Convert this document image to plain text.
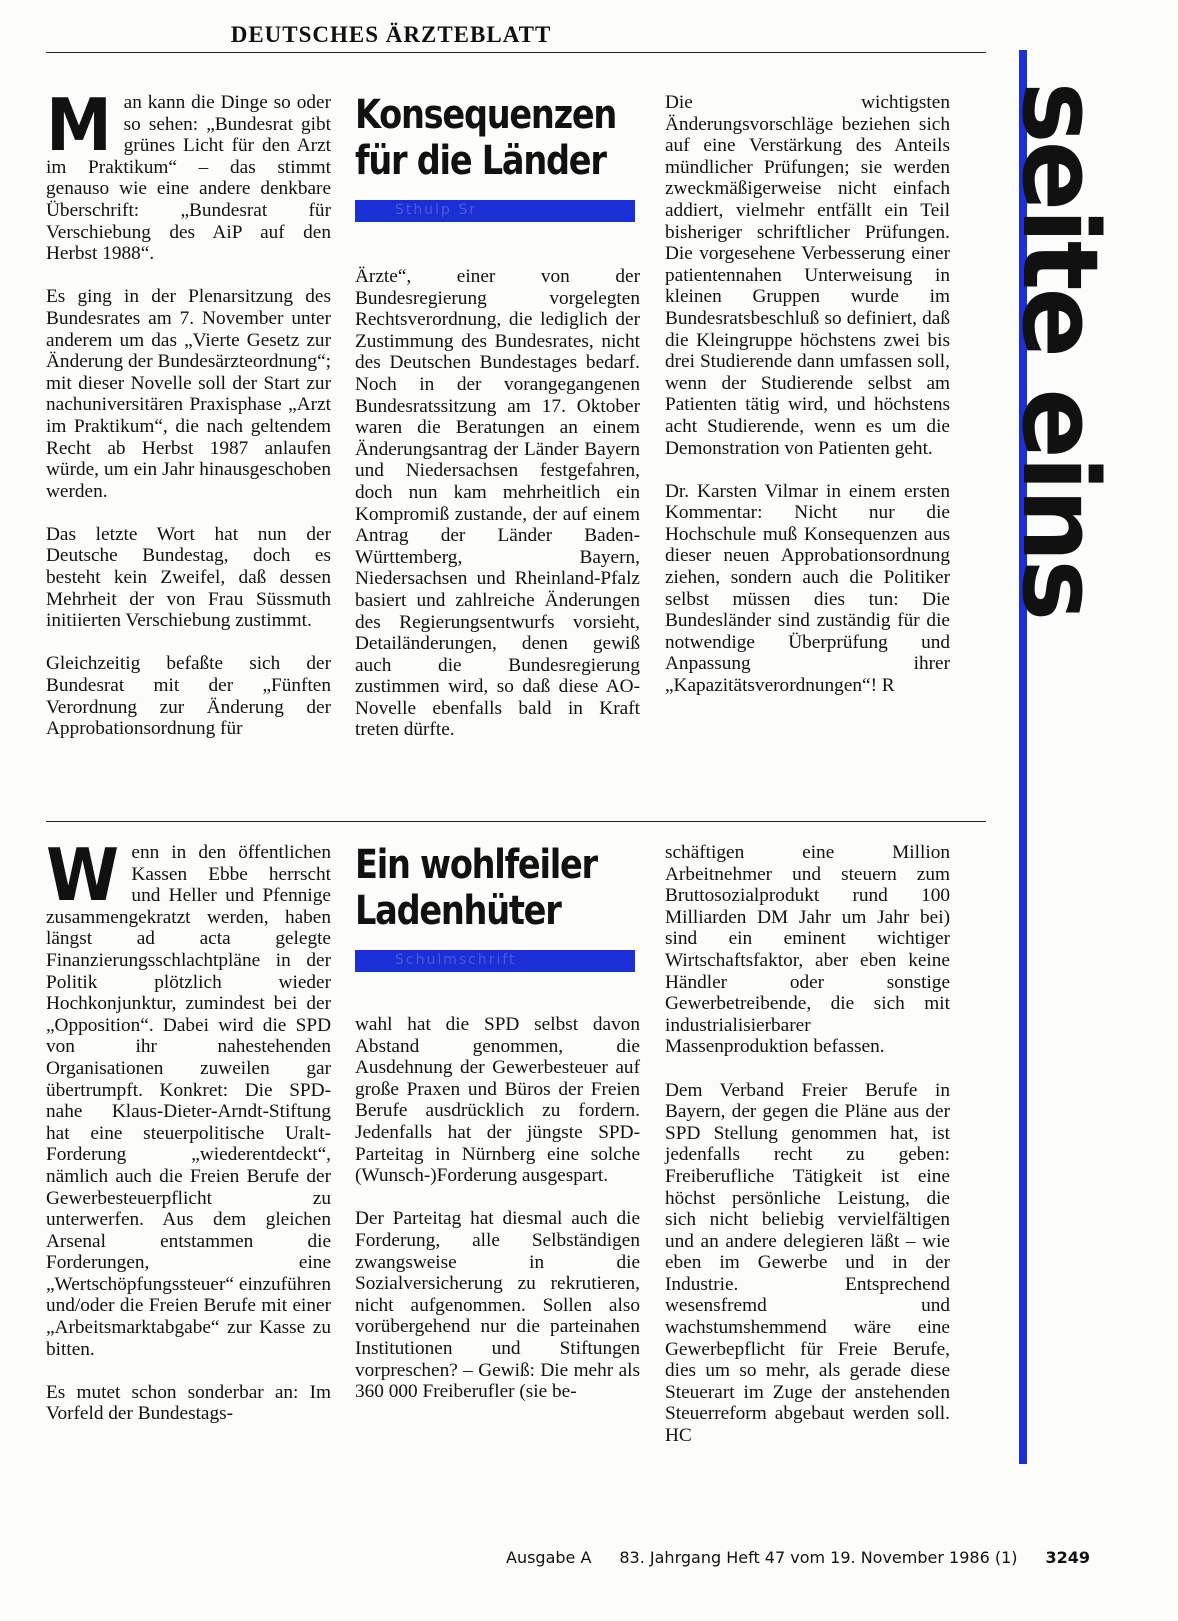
DEUTSCHES ÄRZTEBLATT
seite eins

Man kann die Dinge so oder so sehen: „Bundesrat gibt grünes Licht für den Arzt im Praktikum“ – das stimmt genauso wie eine andere denkbare Überschrift: „Bundesrat für Verschiebung des AiP auf den Herbst 1988“.

Es ging in der Plenarsitzung des Bundesrates am 7. November unter anderem um das „Vierte Gesetz zur Änderung der Bundesärzteordnung“; mit dieser Novelle soll der Start zur nachuniversitären Praxisphase „Arzt im Praktikum“, die nach geltendem Recht ab Herbst 1987 anlaufen würde, um ein Jahr hinausgeschoben werden.

Das letzte Wort hat nun der Deutsche Bundestag, doch es besteht kein Zweifel, daß dessen Mehrheit der von Frau Süssmuth initiierten Verschiebung zustimmt.

Gleichzeitig befaßte sich der Bundesrat mit der „Fünften Verordnung zur Änderung der Approbationsordnung für

Konsequenzen
für die Länder
Sthulp Sr

Ärzte“, einer von der Bundesregierung vorgelegten Rechtsverordnung, die lediglich der Zustimmung des Bundesrates, nicht des Deutschen Bundestages bedarf. Noch in der vorangegangenen Bundesratssitzung am 17. Oktober waren die Beratungen an einem Änderungsantrag der Länder Bayern und Niedersachsen festgefahren, doch nun kam mehrheitlich ein Kompromiß zustande, der auf einem Antrag der Länder Baden-Württemberg, Bayern, Niedersachsen und Rheinland-Pfalz basiert und zahlreiche Änderungen des Regierungsentwurfs vorsieht, Detailänderungen, denen gewiß auch die Bundesregierung zustimmen wird, so daß diese AO-Novelle ebenfalls bald in Kraft treten dürfte.

Die wichtigsten Änderungsvorschläge beziehen sich auf eine Verstärkung des Anteils mündlicher Prüfungen; sie werden zweckmäßigerweise nicht einfach addiert, vielmehr entfällt ein Teil bisheriger schriftlicher Prüfungen. Die vorgesehene Verbesserung einer patientennahen Unterweisung in kleinen Gruppen wurde im Bundesratsbeschluß so definiert, daß die Kleingruppe höchstens zwei bis drei Studierende dann umfassen soll, wenn der Studierende selbst am Patienten tätig wird, und höchstens acht Studierende, wenn es um die Demonstration von Patienten geht.

Dr. Karsten Vilmar in einem ersten Kommentar: Nicht nur die Hochschule muß Konsequenzen aus dieser neuen Approbationsordnung ziehen, sondern auch die Politiker selbst müssen dies tun: Die Bundesländer sind zuständig für die notwendige Überprüfung und Anpassung ihrer „Kapazitätsverordnungen“! R

Wenn in den öffentlichen Kassen Ebbe herrscht und Heller und Pfennige zusammengekratzt werden, haben längst ad acta gelegte Finanzierungsschlachtpläne in der Politik plötzlich wieder Hochkonjunktur, zumindest bei der „Opposition“. Dabei wird die SPD von ihr nahestehenden Organisationen zuweilen gar übertrumpft. Konkret: Die SPD-nahe Klaus-Dieter-Arndt-Stiftung hat eine steuerpolitische Uralt-Forderung „wiederentdeckt“, nämlich auch die Freien Berufe der Gewerbesteuerpflicht zu unterwerfen. Aus dem gleichen Arsenal entstammen die Forderungen, eine „Wertschöpfungssteuer“ einzuführen und/oder die Freien Berufe mit einer „Arbeitsmarktabgabe“ zur Kasse zu bitten.

Es mutet schon sonderbar an: Im Vorfeld der Bundestags-

Ein wohlfeiler
Ladenhüter
Schulmschrift

wahl hat die SPD selbst davon Abstand genommen, die Ausdehnung der Gewerbesteuer auf große Praxen und Büros der Freien Berufe ausdrücklich zu fordern. Jedenfalls hat der jüngste SPD-Parteitag in Nürnberg eine solche (Wunsch-)Forderung ausgespart.

Der Parteitag hat diesmal auch die Forderung, alle Selbständigen zwangsweise in die Sozialversicherung zu rekrutieren, nicht aufgenommen. Sollen also vorübergehend nur die parteinahen Institutionen und Stiftungen vorpreschen? – Gewiß: Die mehr als 360 000 Freiberufler (sie be-

schäftigen eine Million Arbeitnehmer und steuern zum Bruttosozialprodukt rund 100 Milliarden DM Jahr um Jahr bei) sind ein eminent wichtiger Wirtschaftsfaktor, aber eben keine Händler oder sonstige Gewerbetreibende, die sich mit industrialisierbarer Massenproduktion befassen.

Dem Verband Freier Berufe in Bayern, der gegen die Pläne aus der SPD Stellung genommen hat, ist jedenfalls recht zu geben: Freiberufliche Tätigkeit ist eine höchst persönliche Leistung, die sich nicht beliebig vervielfältigen und an andere delegieren läßt – wie eben im Gewerbe und in der Industrie. Entsprechend wesensfremd und wachstumshemmend wäre eine Gewerbepflicht für Freie Berufe, dies um so mehr, als gerade diese Steuerart im Zuge der anstehenden Steuerreform abgebaut werden soll. HC

Ausgabe A 83. Jahrgang Heft 47 vom 19. November 1986 (1) 3249
